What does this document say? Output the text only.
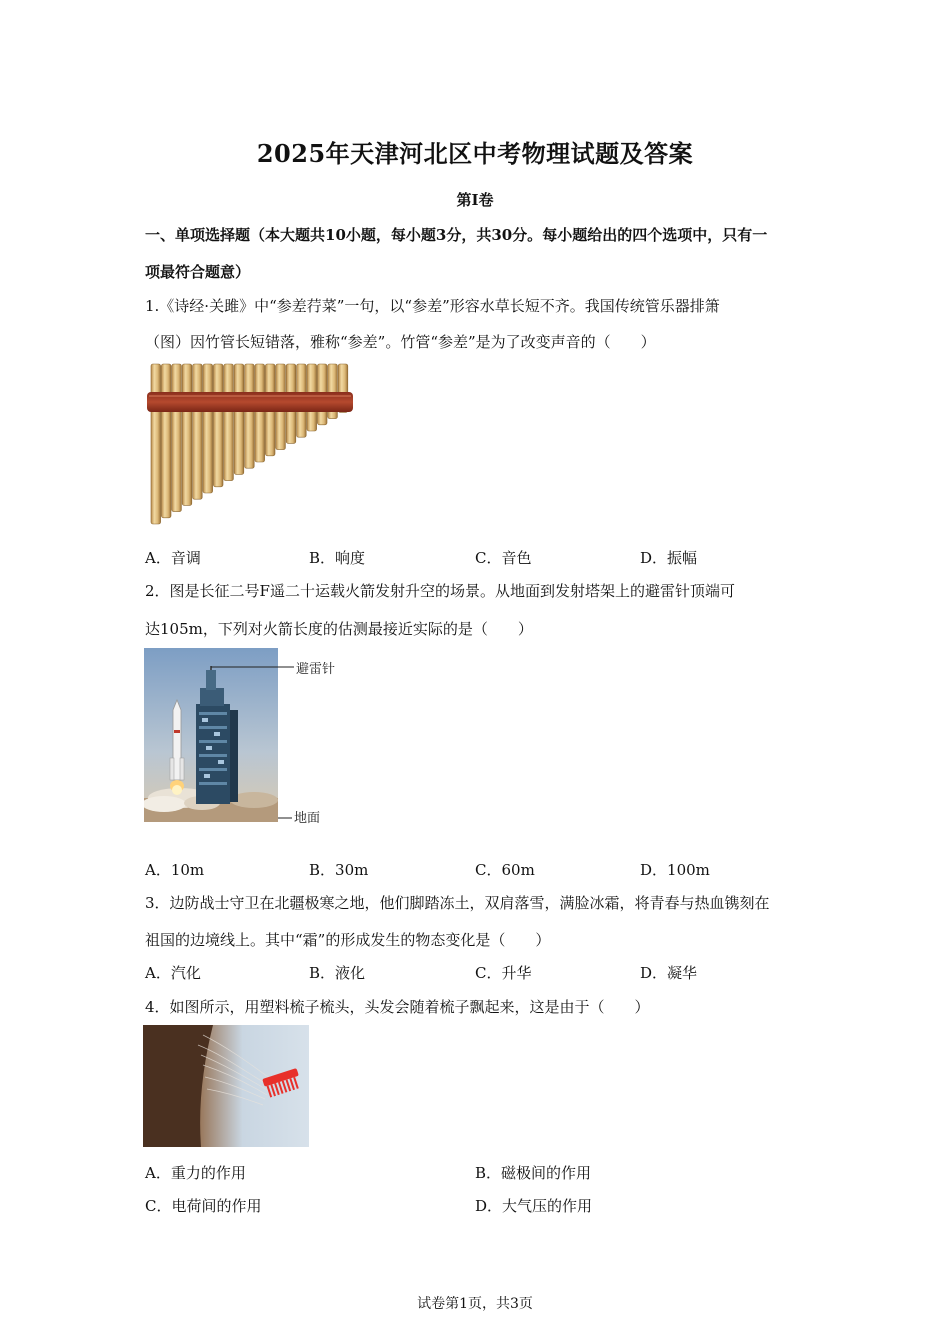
2025年天津河北区中考物理试题及答案
第Ⅰ卷
一、单项选择题（本大题共10小题，每小题3分，共30分。每小题给出的四个选项中，只有一
项最符合题意）
1.《诗经·关雎》中“参差荇菜”一句，以“参差”形容水草长短不齐。我国传统管乐器排箫
（图）因竹管长短错落，雅称“参差”。竹管“参差”是为了改变声音的（　　）
A．音调	B．响度	C．音色	D．振幅
2．图是长征二号F遥二十运载火箭发射升空的场景。从地面到发射塔架上的避雷针顶端可
达105m，下列对火箭长度的估测最接近实际的是（　　）
避雷针
地面
A．10m	B．30m	C．60m	D．100m
3．边防战士守卫在北疆极寒之地，他们脚踏冻土，双肩落雪，满脸冰霜，将青春与热血镌刻在
祖国的边境线上。其中“霜”的形成发生的物态变化是（　　）
A．汽化	B．液化	C．升华	D．凝华
4．如图所示，用塑料梳子梳头，头发会随着梳子飘起来，这是由于（　　）
A．重力的作用	B．磁极间的作用
C．电荷间的作用	D．大气压的作用
试卷第1页，共3页
